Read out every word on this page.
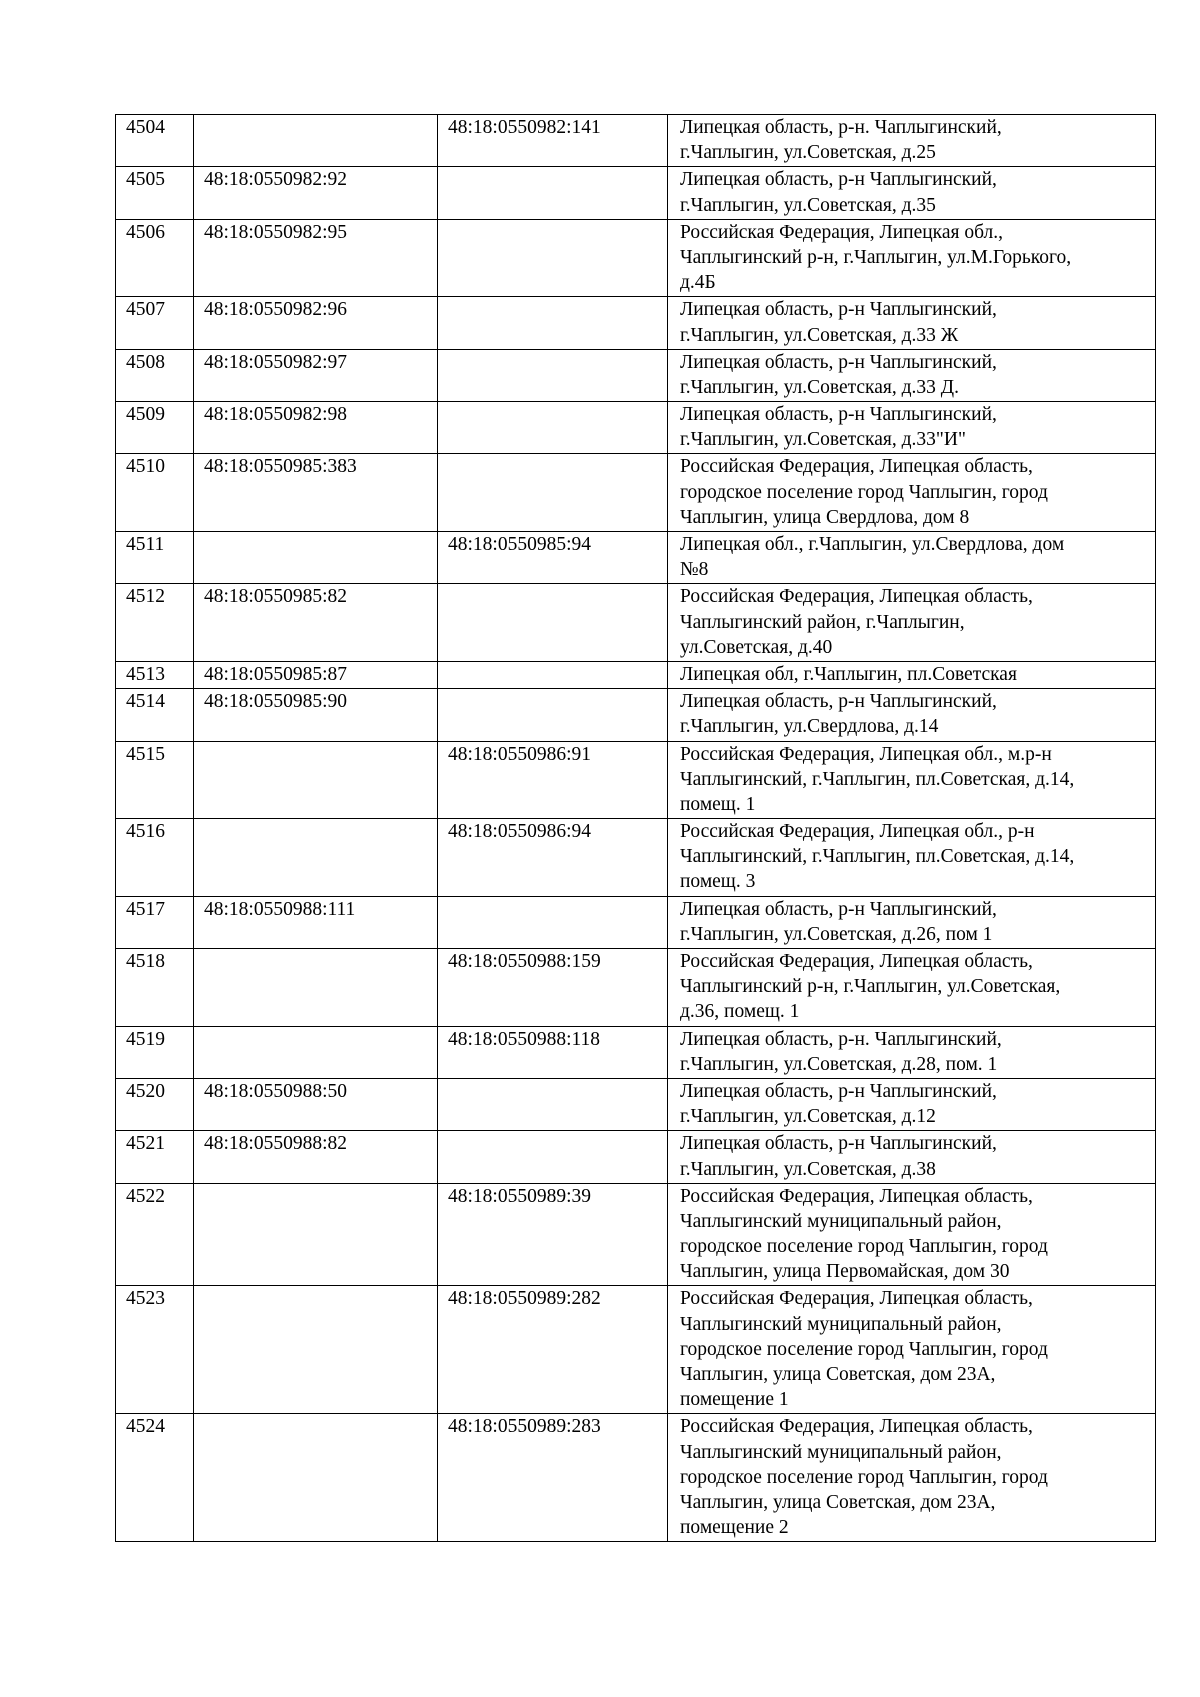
4504		48:18:0550982:141	Липецкая область, р-н. Чаплыгинский,
г.Чаплыгин, ул.Советская, д.25

4505	48:18:0550982:92		Липецкая область, р-н Чаплыгинский,
г.Чаплыгин, ул.Советская, д.35

4506	48:18:0550982:95		Российская Федерация, Липецкая обл.,
Чаплыгинский р-н, г.Чаплыгин, ул.М.Горького,
д.4Б

4507	48:18:0550982:96		Липецкая область, р-н Чаплыгинский,
г.Чаплыгин, ул.Советская, д.33 Ж

4508	48:18:0550982:97		Липецкая область, р-н Чаплыгинский,
г.Чаплыгин, ул.Советская, д.33 Д.

4509	48:18:0550982:98		Липецкая область, р-н Чаплыгинский,
г.Чаплыгин, ул.Советская, д.33"И"

4510	48:18:0550985:383		Российская Федерация, Липецкая область,
городское поселение город Чаплыгин, город
Чаплыгин, улица Свердлова, дом 8

4511		48:18:0550985:94	Липецкая обл., г.Чаплыгин, ул.Свердлова, дом
№8

4512	48:18:0550985:82		Российская Федерация, Липецкая область,
Чаплыгинский район, г.Чаплыгин,
ул.Советская, д.40

4513	48:18:0550985:87		Липецкая обл, г.Чаплыгин, пл.Советская

4514	48:18:0550985:90		Липецкая область, р-н Чаплыгинский,
г.Чаплыгин, ул.Свердлова, д.14

4515		48:18:0550986:91	Российская Федерация, Липецкая обл., м.р-н
Чаплыгинский, г.Чаплыгин, пл.Советская, д.14,
помещ. 1

4516		48:18:0550986:94	Российская Федерация, Липецкая обл., р-н
Чаплыгинский, г.Чаплыгин, пл.Советская, д.14,
помещ. 3

4517	48:18:0550988:111		Липецкая область, р-н Чаплыгинский,
г.Чаплыгин, ул.Советская, д.26, пом 1

4518		48:18:0550988:159	Российская Федерация, Липецкая область,
Чаплыгинский р-н, г.Чаплыгин, ул.Советская,
д.36, помещ. 1

4519		48:18:0550988:118	Липецкая область, р-н. Чаплыгинский,
г.Чаплыгин, ул.Советская, д.28, пом. 1

4520	48:18:0550988:50		Липецкая область, р-н Чаплыгинский,
г.Чаплыгин, ул.Советская, д.12

4521	48:18:0550988:82		Липецкая область, р-н Чаплыгинский,
г.Чаплыгин, ул.Советская, д.38

4522		48:18:0550989:39	Российская Федерация, Липецкая область,
Чаплыгинский муниципальный район,
городское поселение город Чаплыгин, город
Чаплыгин, улица Первомайская, дом 30

4523		48:18:0550989:282	Российская Федерация, Липецкая область,
Чаплыгинский муниципальный район,
городское поселение город Чаплыгин, город
Чаплыгин, улица Советская, дом 23А,
помещение 1

4524		48:18:0550989:283	Российская Федерация, Липецкая область,
Чаплыгинский муниципальный район,
городское поселение город Чаплыгин, город
Чаплыгин, улица Советская, дом 23А,
помещение 2
